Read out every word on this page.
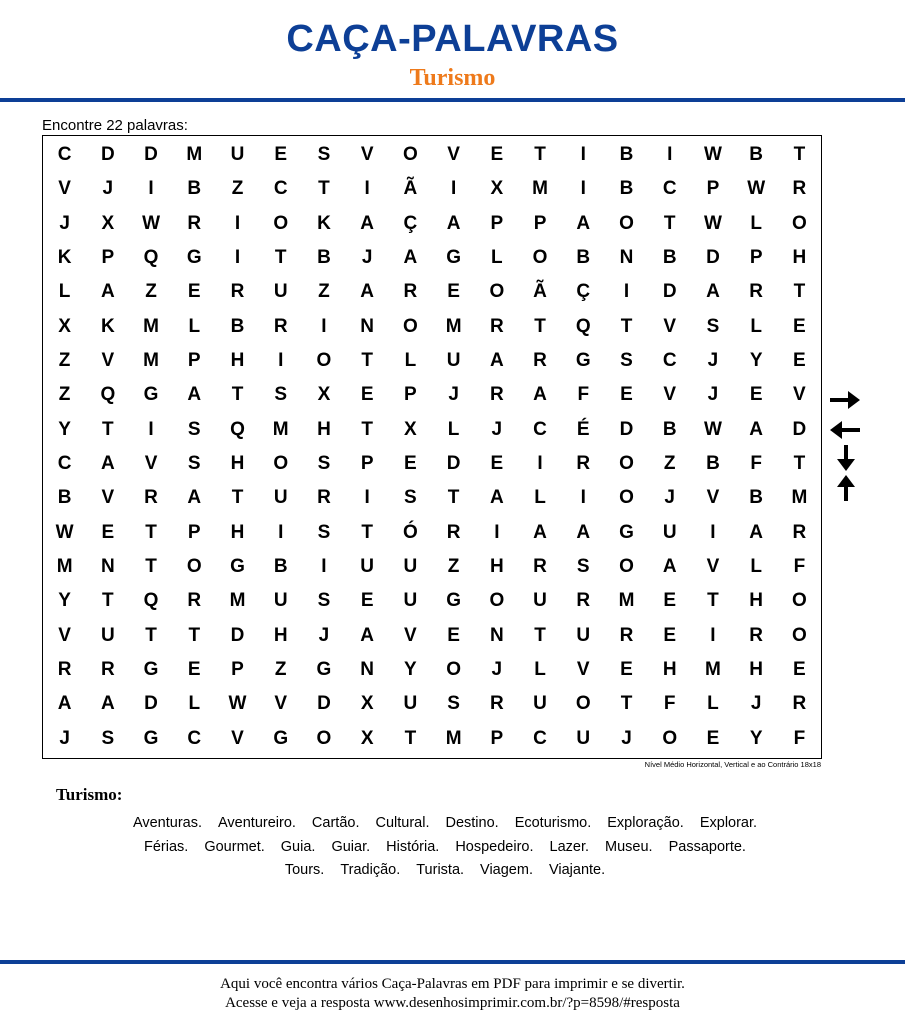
CAÇA-PALAVRAS
Turismo
Encontre 22 palavras:
C	D	D	M	U	E	S	V	O	V	E	T	I	B	I	W	B	T
V	J	I	B	Z	C	T	I	Ã	I	X	M	I	B	C	P	W	R
J	X	W	R	I	O	K	A	Ç	A	P	P	A	O	T	W	L	O
K	P	Q	G	I	T	B	J	A	G	L	O	B	N	B	D	P	H
L	A	Z	E	R	U	Z	A	R	E	O	Ã	Ç	I	D	A	R	T
X	K	M	L	B	R	I	N	O	M	R	T	Q	T	V	S	L	E
Z	V	M	P	H	I	O	T	L	U	A	R	G	S	C	J	Y	E
Z	Q	G	A	T	S	X	E	P	J	R	A	F	E	V	J	E	V
Y	T	I	S	Q	M	H	T	X	L	J	C	É	D	B	W	A	D
C	A	V	S	H	O	S	P	E	D	E	I	R	O	Z	B	F	T
B	V	R	A	T	U	R	I	S	T	A	L	I	O	J	V	B	M
W	E	T	P	H	I	S	T	Ó	R	I	A	A	G	U	I	A	R
M	N	T	O	G	B	I	U	U	Z	H	R	S	O	A	V	L	F
Y	T	Q	R	M	U	S	E	U	G	O	U	R	M	E	T	H	O
V	U	T	T	D	H	J	A	V	E	N	T	U	R	E	I	R	O
R	R	G	E	P	Z	G	N	Y	O	J	L	V	E	H	M	H	E
A	A	D	L	W	V	D	X	U	S	R	U	O	T	F	L	J	R
J	S	G	C	V	G	O	X	T	M	P	C	U	J	O	E	Y	F
Nível Médio Horizontal, Vertical e ao Contrário 18x18
Turismo:
Aventuras. Aventureiro. Cartão. Cultural. Destino. Ecoturismo. Exploração. Explorar.
Férias. Gourmet. Guia. Guiar. História. Hospedeiro. Lazer. Museu. Passaporte.
Tours. Tradição. Turista. Viagem. Viajante.
Aqui você encontra vários Caça-Palavras em PDF para imprimir e se divertir.
Acesse e veja a resposta www.desenhosimprimir.com.br/?p=8598/#resposta
